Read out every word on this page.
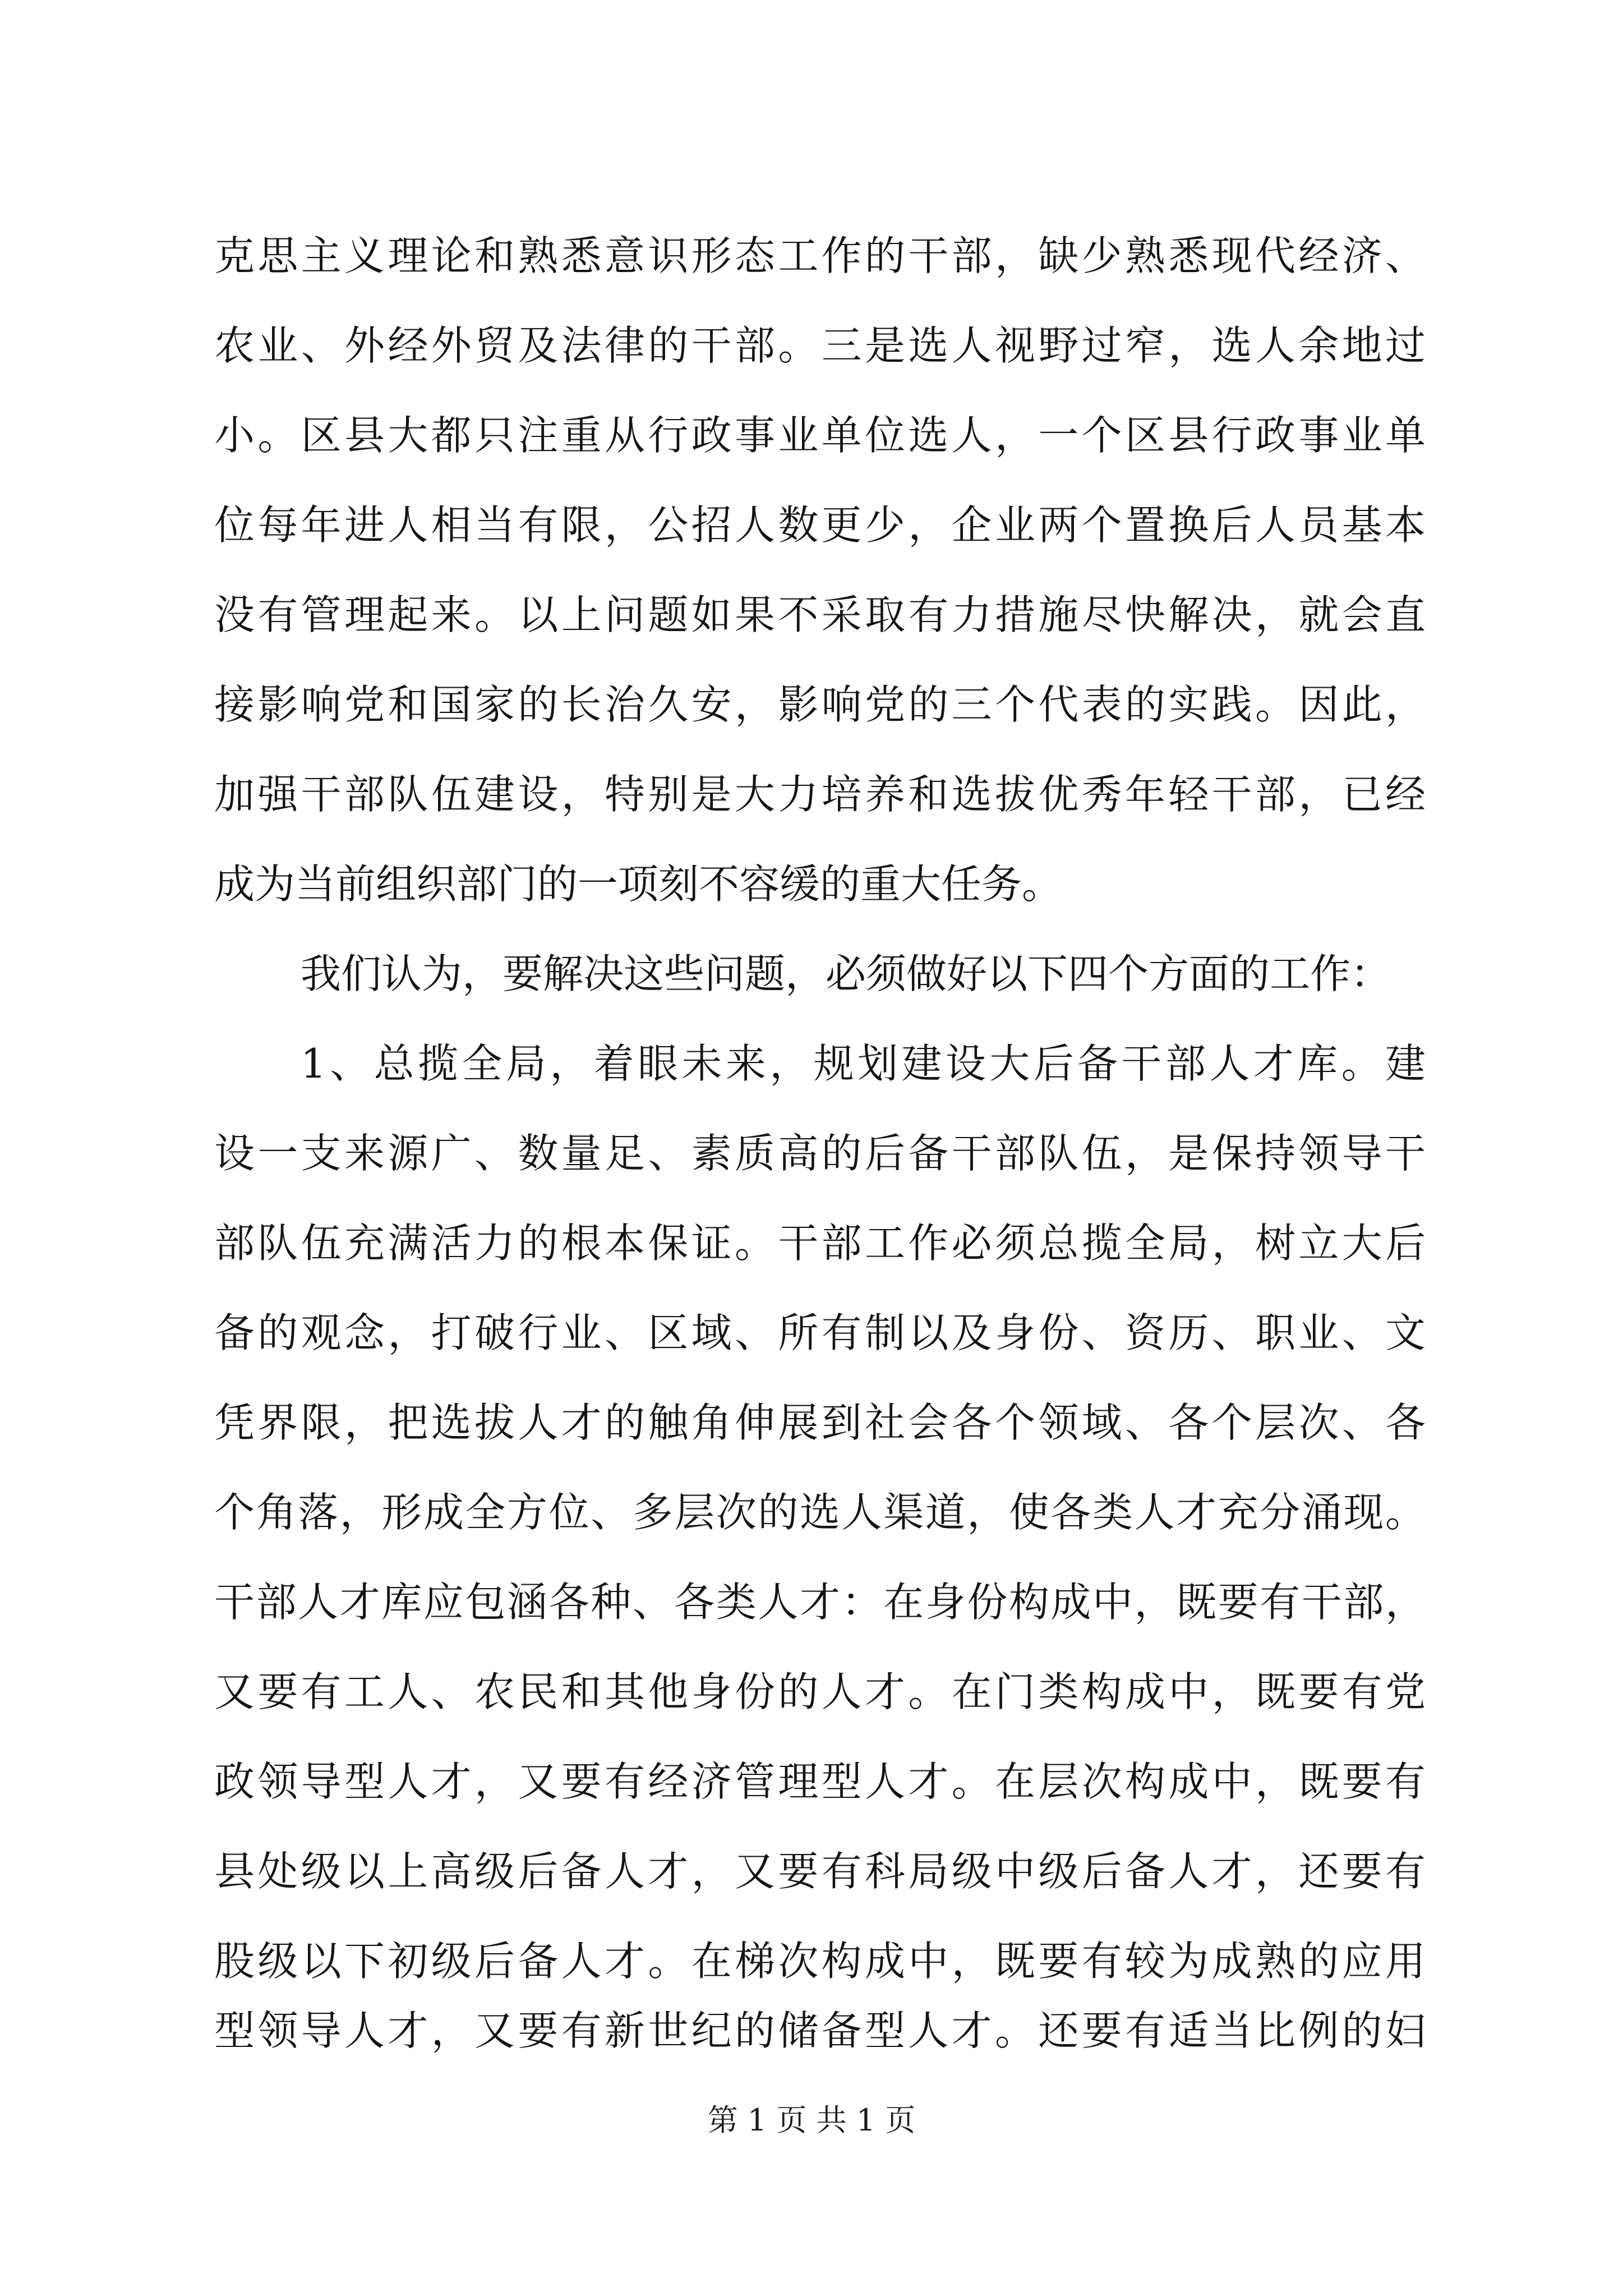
克思主义理论和熟悉意识形态工作的干部，缺少熟悉现代经济、
农业、外经外贸及法律的干部。三是选人视野过窄，选人余地过
小。区县大都只注重从行政事业单位选人，一个区县行政事业单
位每年进人相当有限，公招人数更少，企业两个置换后人员基本
没有管理起来。以上问题如果不采取有力措施尽快解决，就会直
接影响党和国家的长治久安，影响党的三个代表的实践。因此，
加强干部队伍建设，特别是大力培养和选拔优秀年轻干部，已经
成为当前组织部门的一项刻不容缓的重大任务。
我们认为，要解决这些问题，必须做好以下四个方面的工作：
1、总揽全局，着眼未来，规划建设大后备干部人才库。建
设一支来源广、数量足、素质高的后备干部队伍，是保持领导干
部队伍充满活力的根本保证。干部工作必须总揽全局，树立大后
备的观念，打破行业、区域、所有制以及身份、资历、职业、文
凭界限，把选拔人才的触角伸展到社会各个领域、各个层次、各
个角落，形成全方位、多层次的选人渠道，使各类人才充分涌现。
干部人才库应包涵各种、各类人才：在身份构成中，既要有干部，
又要有工人、农民和其他身份的人才。在门类构成中，既要有党
政领导型人才，又要有经济管理型人才。在层次构成中，既要有
县处级以上高级后备人才，又要有科局级中级后备人才，还要有
股级以下初级后备人才。在梯次构成中，既要有较为成熟的应用
型领导人才，又要有新世纪的储备型人才。还要有适当比例的妇
第 1 页 共 1 页
